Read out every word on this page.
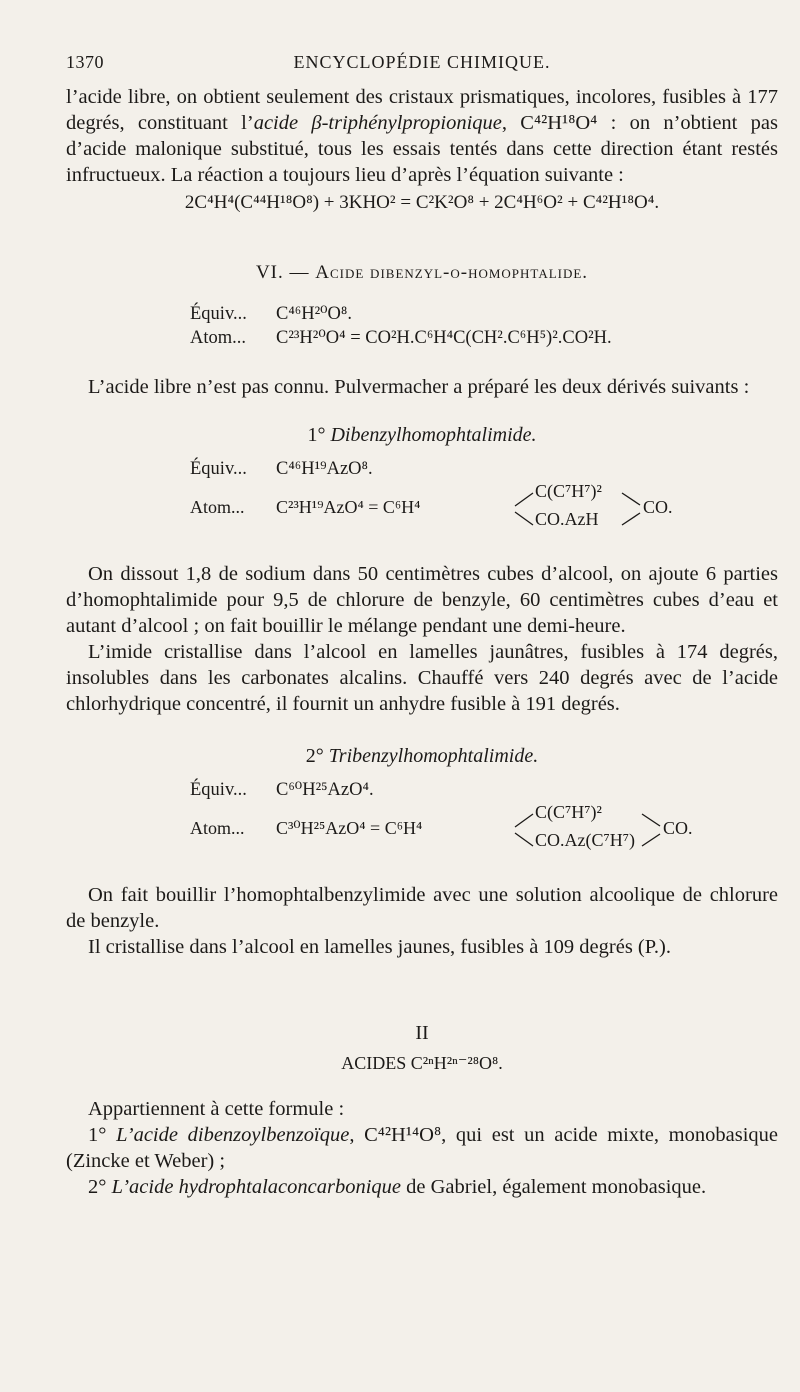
1370	ENCYCLOPÉDIE CHIMIQUE.

l’acide libre, on obtient seulement des cristaux prismatiques, incolores, fusibles à 177 degrés, constituant l’acide β-triphénylpropionique, C⁴²H¹⁸O⁴ : on n’obtient pas d’acide malonique substitué, tous les essais tentés dans cette direction étant restés infructueux. La réaction a toujours lieu d’après l’équation suivante :

2C⁴H⁴(C⁴⁴H¹⁸O⁸) + 3KHO² = C²K²O⁸ + 2C⁴H⁶O² + C⁴²H¹⁸O⁴.
VI. — Acide dibenzyl-o-homophtalide.
Équiv... C⁴⁶H²⁰O⁸.
Atom... C²³H²⁰O⁴ = CO²H.C⁶H⁴C(CH².C⁶H⁵)².CO²H.

L’acide libre n’est pas connu. Pulvermacher a préparé les deux dérivés suivants :

1° Dibenzylhomophtalimide.
Équiv... C⁴⁶H¹⁹AzO⁸.
Atom... C²³H¹⁹AzO⁴ = C⁶H⁴
C(C⁷H⁷)²
CO.AzH
CO.

On dissout 1,8 de sodium dans 50 centimètres cubes d’alcool, on ajoute 6 parties d’homophtalimide pour 9,5 de chlorure de benzyle, 60 centimètres cubes d’eau et autant d’alcool ; on fait bouillir le mélange pendant une demi-heure.

L’imide cristallise dans l’alcool en lamelles jaunâtres, fusibles à 174 degrés, insolubles dans les carbonates alcalins. Chauffé vers 240 degrés avec de l’acide chlorhydrique concentré, il fournit un anhydre fusible à 191 degrés.

2° Tribenzylhomophtalimide.
Équiv... C⁶⁰H²⁵AzO⁴.
Atom... C³⁰H²⁵AzO⁴ = C⁶H⁴
C(C⁷H⁷)²
CO.Az(C⁷H⁷)
CO.

On fait bouillir l’homophtalbenzylimide avec une solution alcoolique de chlorure de benzyle.

Il cristallise dans l’alcool en lamelles jaunes, fusibles à 109 degrés (P.).

II
ACIDES C²ⁿH²ⁿ⁻²⁸O⁸.

Appartiennent à cette formule :

1° L’acide dibenzoylbenzoïque, C⁴²H¹⁴O⁸, qui est un acide mixte, monobasique (Zincke et Weber) ;

2° L’acide hydrophtalaconcarbonique de Gabriel, également monobasique.
